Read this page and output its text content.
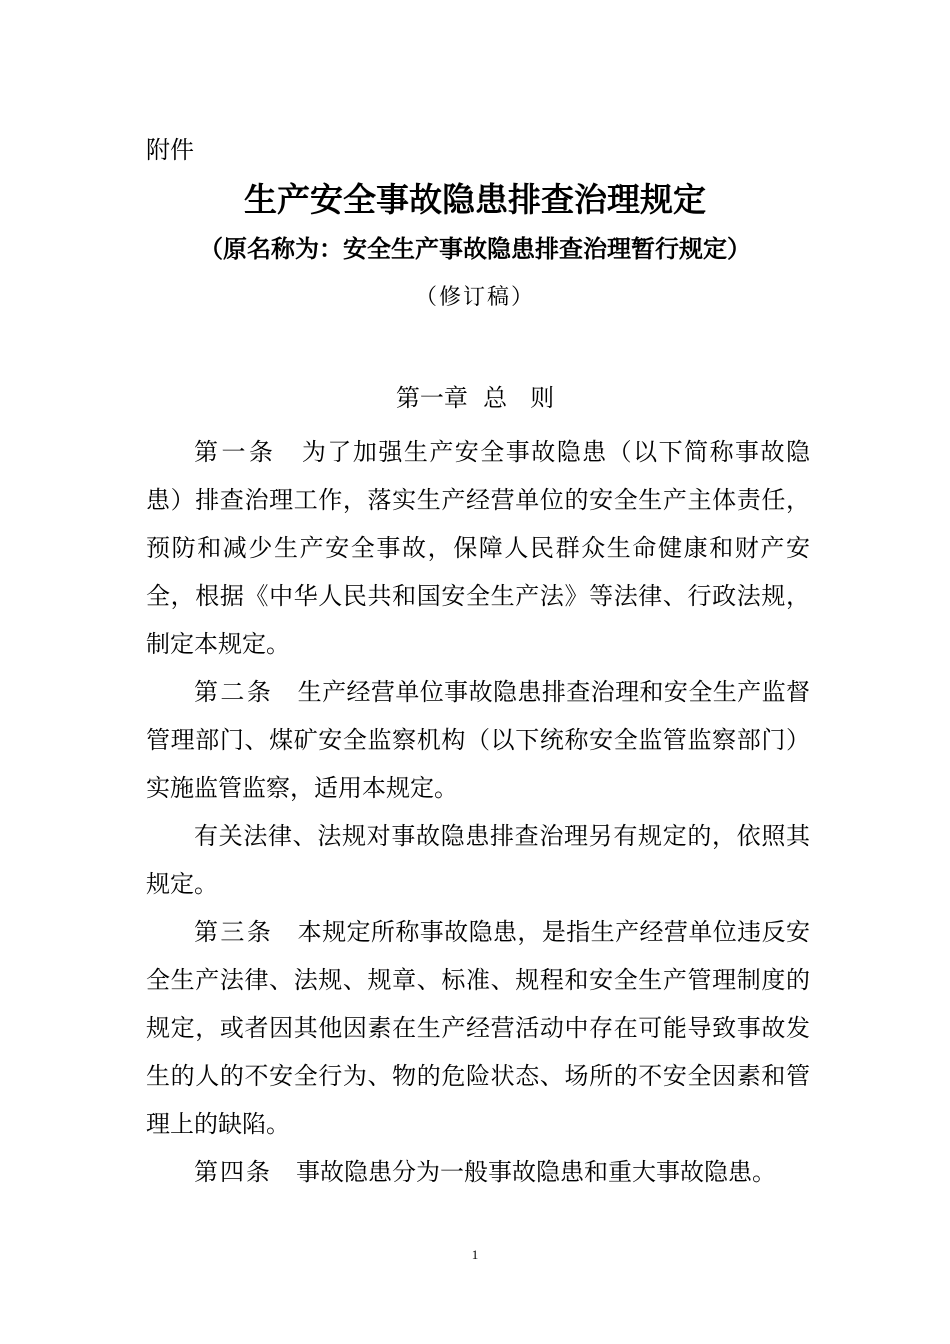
附件
生产安全事故隐患排查治理规定
（原名称为：安全生产事故隐患排查治理暂行规定）
（修订稿）
第一章  总   则

第一条　 为了加强生产安全事故隐患（以下简称事故隐患）排查治理工作，落实生产经营单位的安全生产主体责任，预防和减少生产安全事故，保障人民群众生命健康和财产安全，根据《中华人民共和国安全生产法》等法律、行政法规，制定本规定。

第二条　 生产经营单位事故隐患排查治理和安全生产监督管理部门、煤矿安全监察机构（以下统称安全监管监察部门）实施监管监察，适用本规定。

有关法律、法规对事故隐患排查治理另有规定的，依照其规定。

第三条　 本规定所称事故隐患，是指生产经营单位违反安全生产法律、法规、规章、标准、规程和安全生产管理制度的规定，或者因其他因素在生产经营活动中存在可能导致事故发生的人的不安全行为、物的危险状态、场所的不安全因素和管理上的缺陷。

第四条　 事故隐患分为一般事故隐患和重大事故隐患。

1
